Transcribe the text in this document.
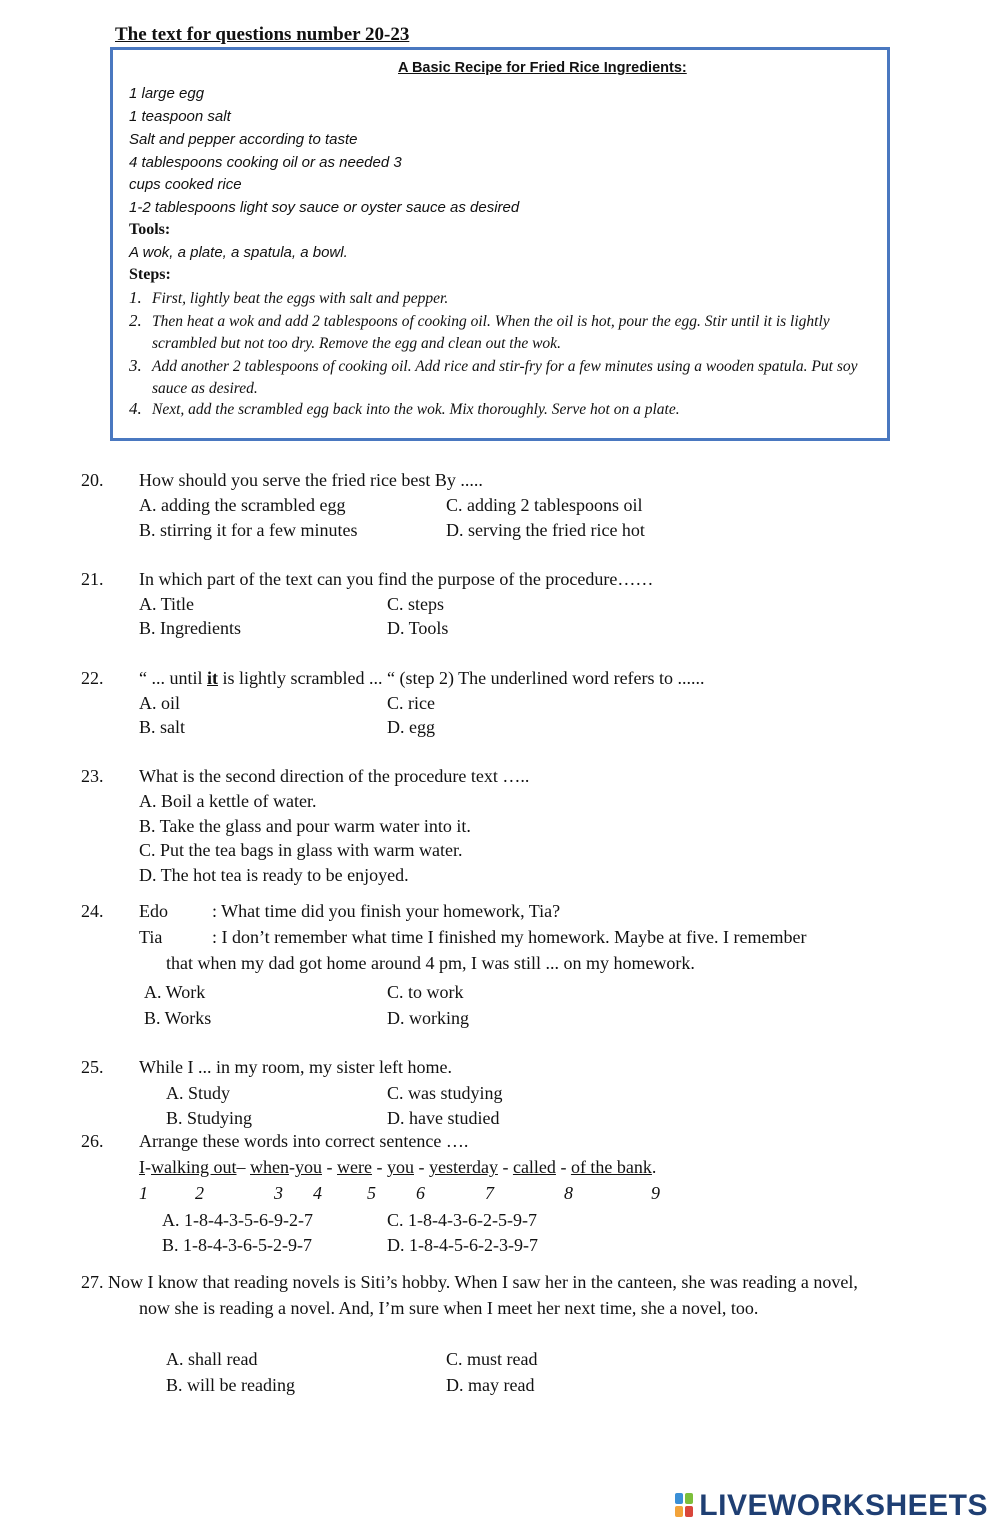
The text for questions number 20-23
A Basic Recipe for Fried Rice Ingredients:
1 large egg
1 teaspoon salt
Salt and pepper according to taste
4 tablespoons cooking oil or as needed 3
cups cooked rice
1-2 tablespoons light soy sauce or oyster sauce as desired
Tools:
A wok, a plate, a spatula, a bowl.
Steps:
1. First, lightly beat the eggs with salt and pepper.
2. Then heat a wok and add 2 tablespoons of cooking oil. When the oil is hot, pour the egg. Stir until it is lightly scrambled but not too dry. Remove the egg and clean out the wok.
3. Add another 2 tablespoons of cooking oil. Add rice and stir-fry for a few minutes using a wooden spatula. Put soy sauce as desired.
4. Next, add the scrambled egg back into the wok. Mix thoroughly. Serve hot on a plate.
20. How should you serve the fried rice best By .....
A. adding the scrambled egg	C. adding 2 tablespoons oil
B. stirring it for a few minutes	D. serving the fried rice hot
21. In which part of the text can you find the purpose of the procedure……
A. Title	C. steps
B. Ingredients	D. Tools
22. “ ... until it is lightly scrambled ... “ (step 2) The underlined word refers to ......
A. oil	C. rice
B. salt	D. egg
23. What is the second direction of the procedure text …..
A. Boil a kettle of water.
B. Take the glass and pour warm water into it.
C. Put the tea bags in glass with warm water.
D. The hot tea is ready to be enjoyed.
24. Edo : What time did you finish your homework, Tia?
Tia	: I don’t remember what time I finished my homework. Maybe at five. I remember
that when my dad got home around 4 pm, I was still ... on my homework.
A. Work	C. to work
B. Works	D. working
25. While I ... in my room, my sister left home.
A. Study	C. was studying
B. Studying	D. have studied
26. Arrange these words into correct sentence ….
I-walking out– when-you - were - you - yesterday - called - of the bank.
1	2	3 4	5 6	7	8	9
A. 1-8-4-3-5-6-9-2-7	C. 1-8-4-3-6-2-5-9-7
B. 1-8-4-3-6-5-2-9-7	D. 1-8-4-5-6-2-3-9-7
27. Now I know that reading novels is Siti’s hobby. When I saw her in the canteen, she was reading a novel,
now she is reading a novel. And, I’m sure when I meet her next time, she a novel, too.
A. shall read	C. must read
B. will be reading	D. may read
LIVEWORKSHEETS
